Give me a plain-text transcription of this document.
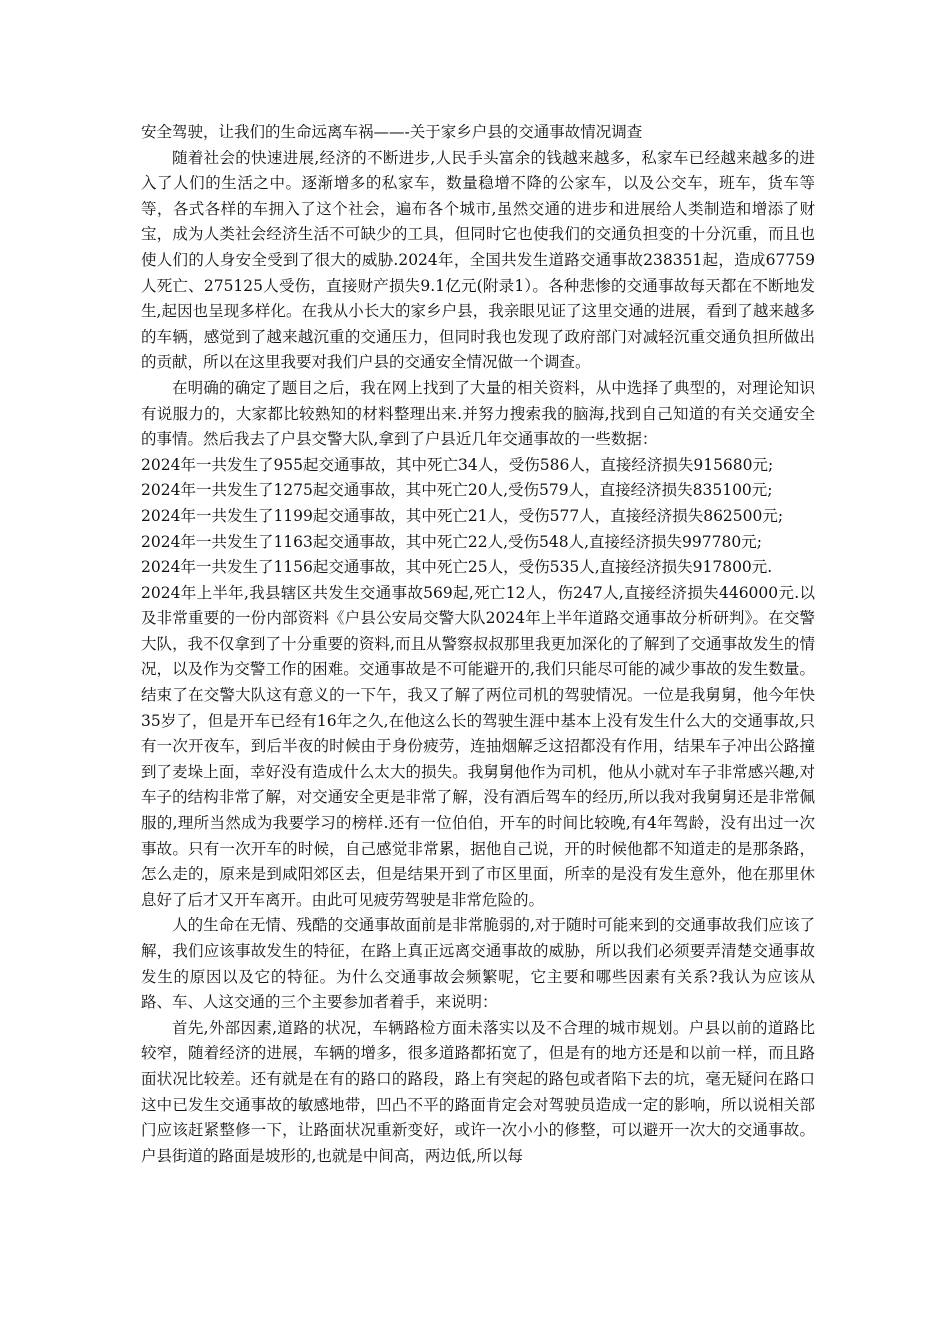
安全驾驶，让我们的生命远离车祸——-关于家乡户县的交通事故情况调查

随着社会的快速进展,经济的不断进步,人民手头富余的钱越来越多，私家车已经越来越多的进入了人们的生活之中。逐渐增多的私家车，数量稳增不降的公家车，以及公交车，班车，货车等等，各式各样的车拥入了这个社会，遍布各个城市,虽然交通的进步和进展给人类制造和增添了财宝，成为人类社会经济生活不可缺少的工具，但同时它也使我们的交通负担变的十分沉重，而且也使人们的人身安全受到了很大的威胁.2024年，全国共发生道路交通事故238351起，造成67759人死亡、275125人受伤，直接财产损失9.1亿元(附录1）。各种悲惨的交通事故每天都在不断地发生,起因也呈现多样化。在我从小长大的家乡户县，我亲眼见证了这里交通的进展，看到了越来越多的车辆，感觉到了越来越沉重的交通压力，但同时我也发现了政府部门对减轻沉重交通负担所做出的贡献，所以在这里我要对我们户县的交通安全情况做一个调查。

在明确的确定了题目之后，我在网上找到了大量的相关资料，从中选择了典型的，对理论知识有说服力的，大家都比较熟知的材料整理出来.并努力搜索我的脑海,找到自己知道的有关交通安全的事情。然后我去了户县交警大队,拿到了户县近几年交通事故的一些数据：

2024年一共发生了955起交通事故，其中死亡34人，受伤586人，直接经济损失915680元;

2024年一共发生了1275起交通事故，其中死亡20人,受伤579人，直接经济损失835100元;

2024年一共发生了1199起交通事故，其中死亡21人，受伤577人，直接经济损失862500元;

2024年一共发生了1163起交通事故，其中死亡22人,受伤548人,直接经济损失997780元;

2024年一共发生了1156起交通事故，其中死亡25人，受伤535人,直接经济损失917800元.

2024年上半年,我县辖区共发生交通事故569起,死亡12人，伤247人,直接经济损失446000元.以及非常重要的一份内部资料《户县公安局交警大队2024年上半年道路交通事故分析研判》。在交警大队，我不仅拿到了十分重要的资料,而且从警察叔叔那里我更加深化的了解到了交通事故发生的情况，以及作为交警工作的困难。交通事故是不可能避开的,我们只能尽可能的减少事故的发生数量。结束了在交警大队这有意义的一下午，我又了解了两位司机的驾驶情况。一位是我舅舅，他今年快35岁了，但是开车已经有16年之久,在他这么长的驾驶生涯中基本上没有发生什么大的交通事故,只有一次开夜车，到后半夜的时候由于身份疲劳，连抽烟解乏这招都没有作用，结果车子冲出公路撞到了麦垛上面，幸好没有造成什么太大的损失。我舅舅他作为司机，他从小就对车子非常感兴趣,对车子的结构非常了解，对交通安全更是非常了解，没有酒后驾车的经历,所以我对我舅舅还是非常佩服的,理所当然成为我要学习的榜样.还有一位伯伯，开车的时间比较晚,有4年驾龄，没有出过一次事故。只有一次开车的时候，自己感觉非常累，据他自己说，开的时候他都不知道走的是那条路，怎么走的，原来是到咸阳郊区去，但是结果开到了市区里面，所幸的是没有发生意外，他在那里休息好了后才又开车离开。由此可见疲劳驾驶是非常危险的。

人的生命在无情、残酷的交通事故面前是非常脆弱的,对于随时可能来到的交通事故我们应该了解，我们应该事故发生的特征，在路上真正远离交通事故的威胁，所以我们必须要弄清楚交通事故发生的原因以及它的特征。为什么交通事故会频繁呢，它主要和哪些因素有关系?我认为应该从路、车、人这交通的三个主要参加者着手，来说明：

首先,外部因素,道路的状况，车辆路检方面未落实以及不合理的城市规划。户县以前的道路比较窄，随着经济的进展，车辆的增多，很多道路都拓宽了，但是有的地方还是和以前一样，而且路面状况比较差。还有就是在有的路口的路段，路上有突起的路包或者陷下去的坑，毫无疑问在路口这中已发生交通事故的敏感地带，凹凸不平的路面肯定会对驾驶员造成一定的影响，所以说相关部门应该赶紧整修一下，让路面状况重新变好，或许一次小小的修整，可以避开一次大的交通事故。户县街道的路面是坡形的,也就是中间高，两边低,所以每
